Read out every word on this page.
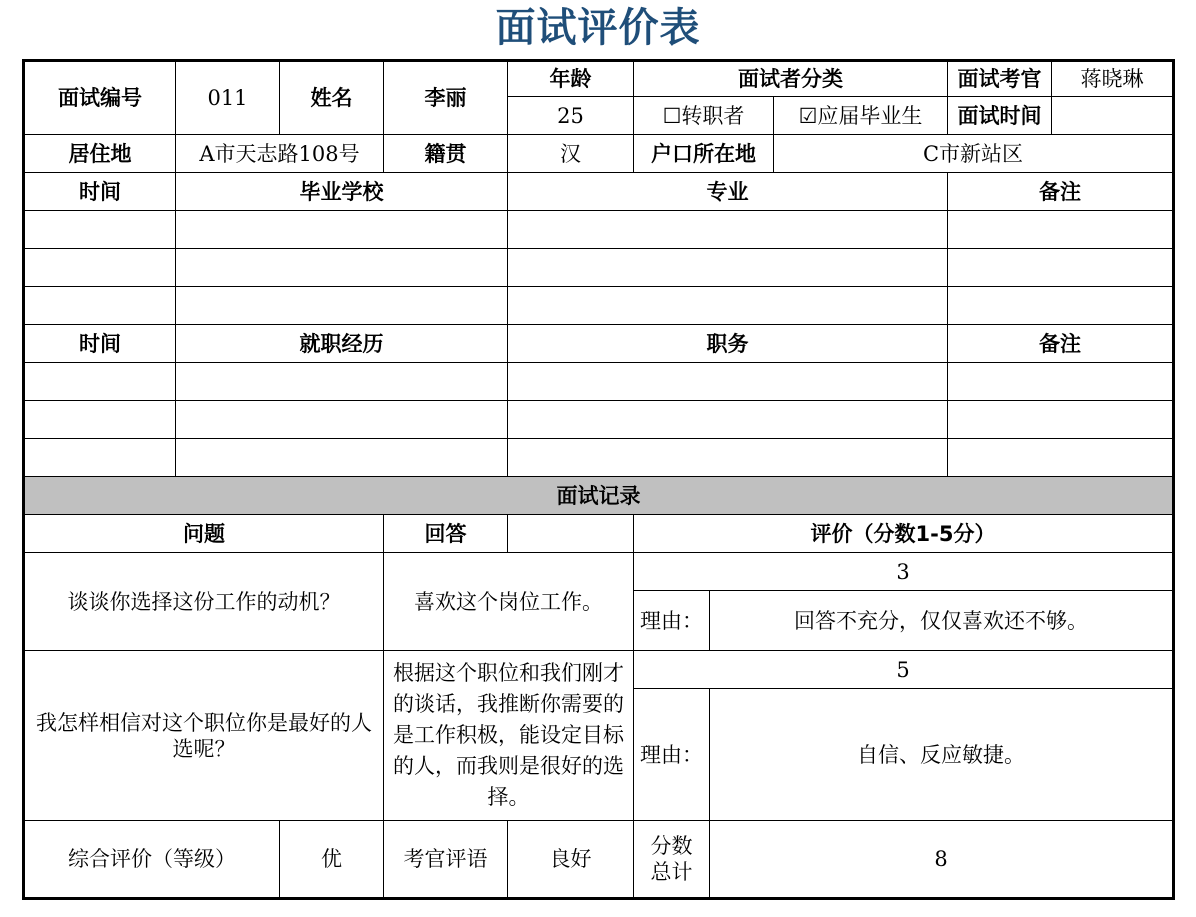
面试评价表
面试编号	011	姓名	李丽	年龄	面试者分类			面试考官	蒋晓琳
				25	☐转职者		☑应届毕业生	面试时间	
居住地	A市天志路108号		籍贯	汉	户口所在地		C市新站区		
时间	毕业学校			专业				备注	

时间	就职经历			职务				备注	

面试记录									
问题			回答		评价（分数1-5分）				
谈谈你选择这份工作的动机？			喜欢这个岗位工作。		3				
					理由：	回答不充分，仅仅喜欢还不够。			
我怎样相信对这个职位你是最好的人选呢？			根据这个职位和我们刚才的谈话，我推断你需要的是工作积极，能设定目标的人，而我则是很好的选择。		5				
					理由：	自信、反应敏捷。			
综合评价（等级）		优	考官评语	良好	分数总计	8			
